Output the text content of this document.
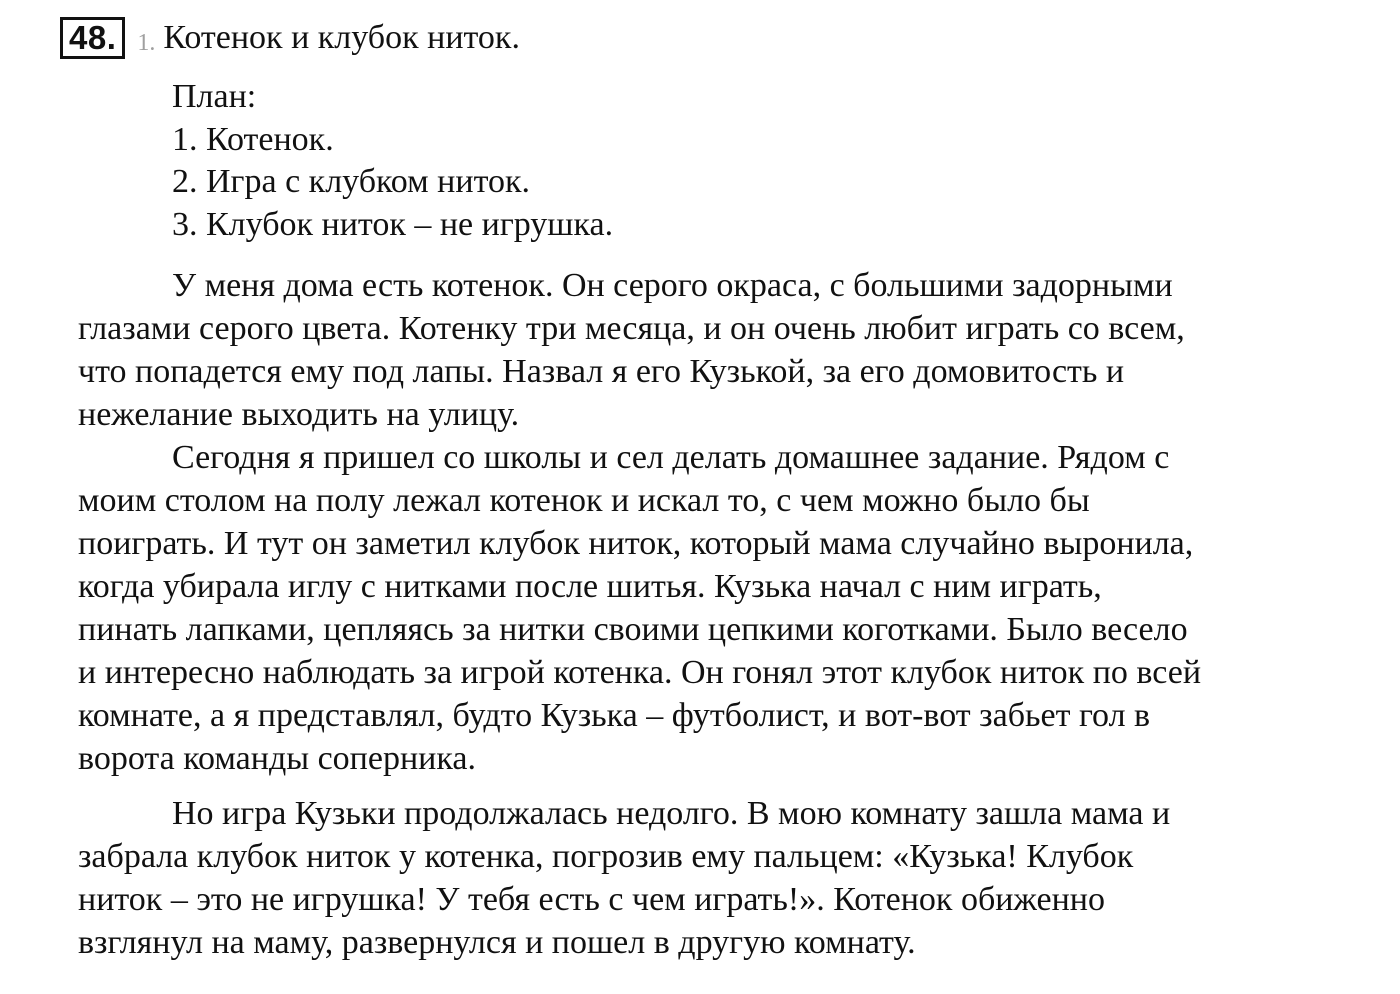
48. 1. Котенок и клубок ниток.
План:
1. Котенок.
2. Игра с клубком ниток.
3. Клубок ниток – не игрушка.
У меня дома есть котенок. Он серого окраса, с большими задорными
глазами серого цвета. Котенку три месяца, и он очень любит играть со всем,
что попадется ему под лапы. Назвал я его Кузькой, за его домовитость и
нежелание выходить на улицу.
Сегодня я пришел со школы и сел делать домашнее задание. Рядом с
моим столом на полу лежал котенок и искал то, с чем можно было бы
поиграть. И тут он заметил клубок ниток, который мама случайно выронила,
когда убирала иглу с нитками после шитья. Кузька начал с ним играть,
пинать лапками, цепляясь за нитки своими цепкими коготками. Было весело
и интересно наблюдать за игрой котенка. Он гонял этот клубок ниток по всей
комнате, а я представлял, будто Кузька – футболист, и вот-вот забьет гол в
ворота команды соперника.
Но игра Кузьки продолжалась недолго. В мою комнату зашла мама и
забрала клубок ниток у котенка, погрозив ему пальцем: «Кузька! Клубок
ниток – это не игрушка! У тебя есть с чем играть!». Котенок обиженно
взглянул на маму, развернулся и пошел в другую комнату.
